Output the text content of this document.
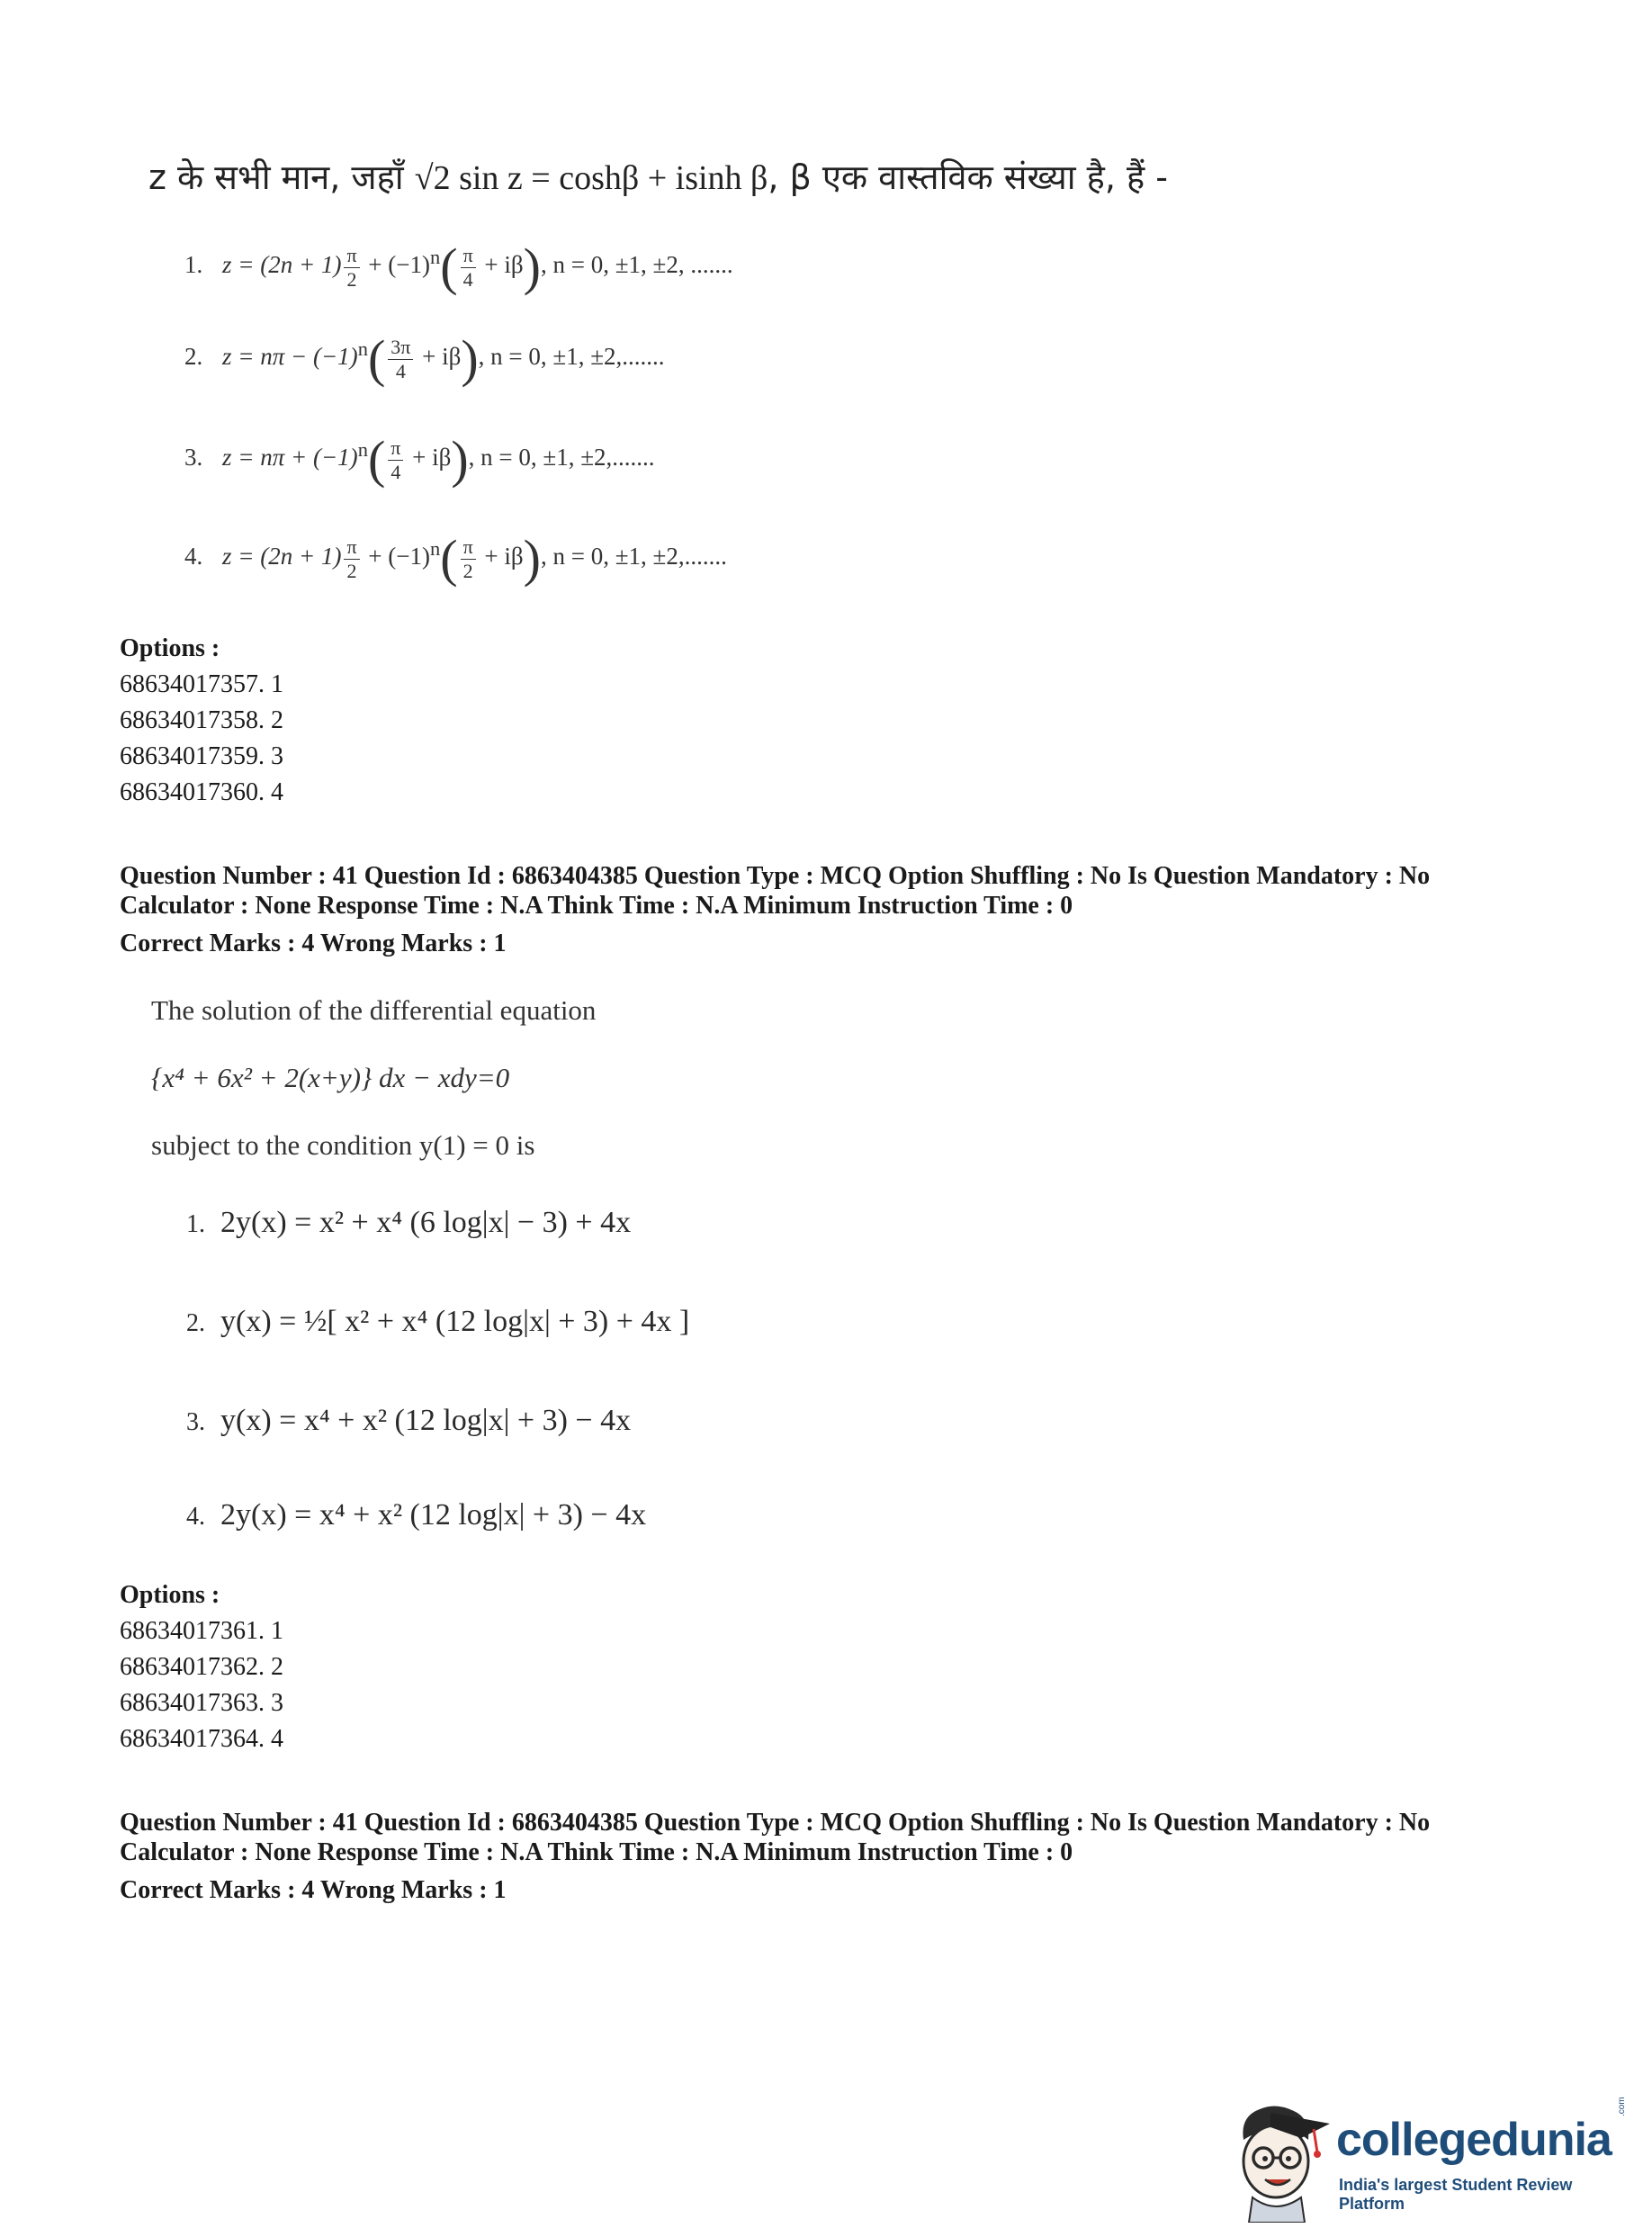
z के सभी मान, जहाँ √2 sin z = coshβ + isinh β, β एक वास्तविक संख्या है, हैं -
1. $z = (2n + 1) \frac{\pi}{2} + (-1)^n( \frac{\pi}{4} + i\beta)$, n = 0, ±1, ±2, .......
2. $z = n\pi - (-1)^n( \frac{3\pi}{4} + i\beta)$, n = 0, ±1, ±2,.......
3. $z = n\pi + (-1)^n( \frac{\pi}{4} + i\beta)$, n = 0, ±1, ±2,.......
4. $z = (2n + 1) \frac{\pi}{2} + (-1)^n( \frac{\pi}{2} + i\beta)$, n = 0, ±1, ±2,.......
Options :
68634017357. 1
68634017358. 2
68634017359. 3
68634017360. 4
Question Number : 41 Question Id : 6863404385 Question Type : MCQ Option Shuffling : No Is Question Mandatory : No
Calculator : None Response Time : N.A Think Time : N.A Minimum Instruction Time : 0
Correct Marks : 4 Wrong Marks : 1
The solution of the differential equation
{x⁴ + 6x² + 2(x+y)} dx − xdy=0
subject to the condition y(1) = 0 is
1. 2y(x) = x² + x⁴ (6 log|x| − 3) + 4x
2. y(x) = ½[ x² + x⁴ (12 log|x| + 3) + 4x ]
3. y(x) = x⁴ + x² (12 log|x| + 3) − 4x
4. 2y(x) = x⁴ + x² (12 log|x| + 3) − 4x
Options :
68634017361. 1
68634017362. 2
68634017363. 3
68634017364. 4
Question Number : 41 Question Id : 6863404385 Question Type : MCQ Option Shuffling : No Is Question Mandatory : No
Calculator : None Response Time : N.A Think Time : N.A Minimum Instruction Time : 0
Correct Marks : 4 Wrong Marks : 1
collegedunia
.com
India's largest Student Review Platform
